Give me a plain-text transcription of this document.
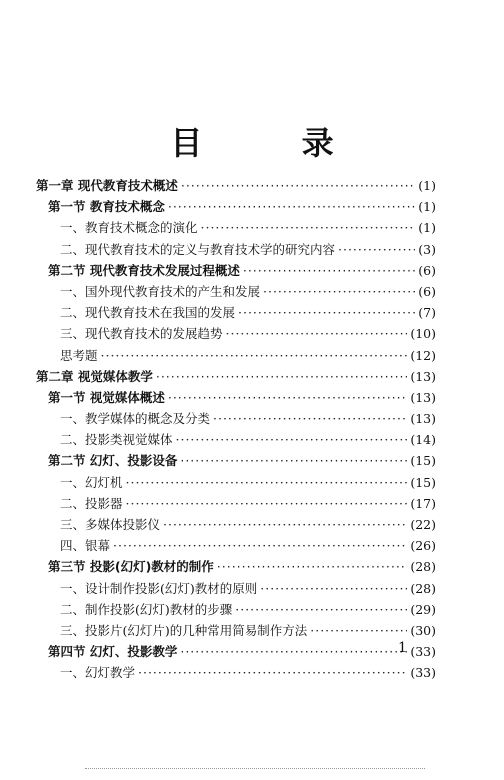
目 录
第一章 现代教育技术概述 ·····	(1)
第一节 教育技术概念 ·····	(1)
一、教育技术概念的演化 ·····	(1)
二、现代教育技术的定义与教育技术学的研究内容 ·····	(3)
第二节 现代教育技术发展过程概述 ·····	(6)
一、国外现代教育技术的产生和发展 ·····	(6)
二、现代教育技术在我国的发展 ·····	(7)
三、现代教育技术的发展趋势 ·····	(10)
思考题 ·····	(12)
第二章 视觉媒体教学 ·····	(13)
第一节 视觉媒体概述 ·····	(13)
一、教学媒体的概念及分类 ·····	(13)
二、投影类视觉媒体 ·····	(14)
第二节 幻灯、投影设备 ·····	(15)
一、幻灯机 ·····	(15)
二、投影器 ·····	(17)
三、多媒体投影仪 ·····	(22)
四、银幕 ·····	(26)
第三节 投影(幻灯)教材的制作 ·····	(28)
一、设计制作投影(幻灯)教材的原则 ·····	(28)
二、制作投影(幻灯)教材的步骤 ·····	(29)
三、投影片(幻灯片)的几种常用简易制作方法 ·····	(30)
第四节 幻灯、投影教学 ·····	(33)
一、幻灯教学 ·····	(33)
1
